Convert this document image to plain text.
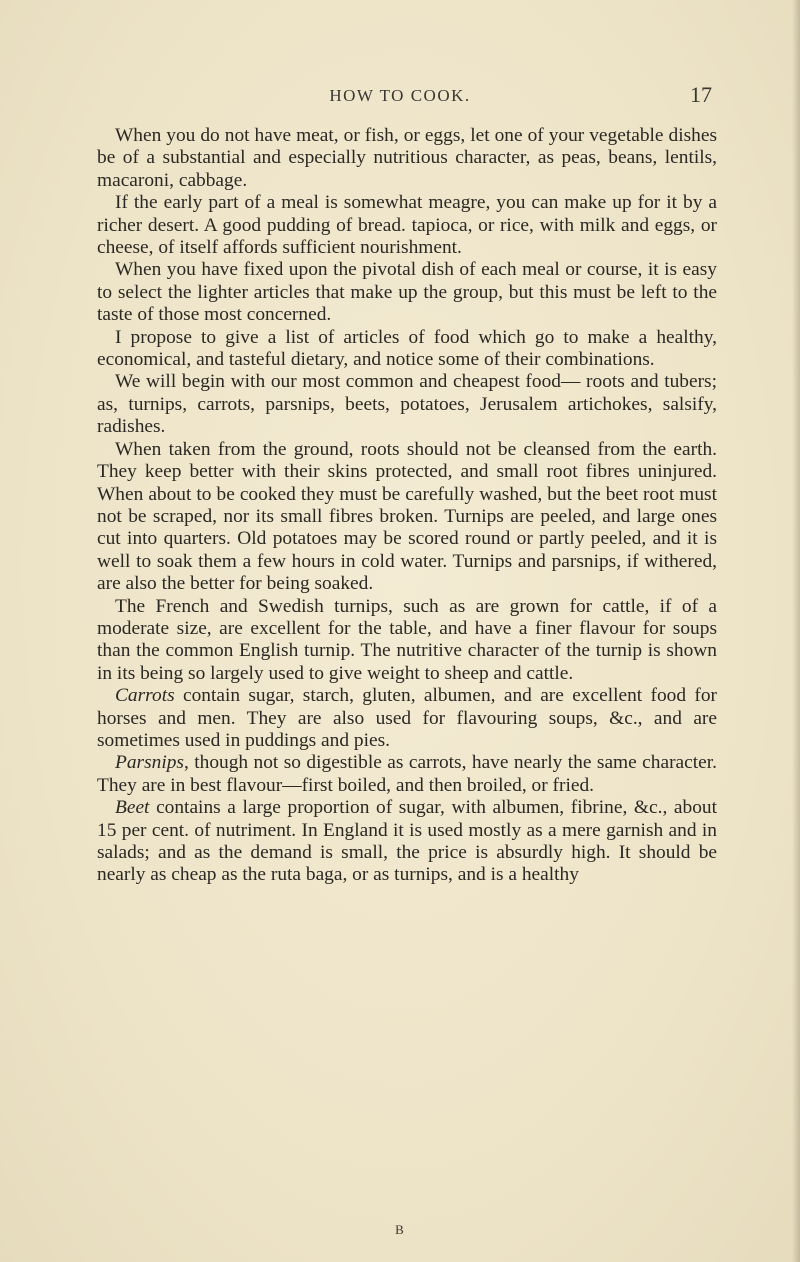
HOW TO COOK.	17

When you do not have meat, or fish, or eggs, let one of your vegetable dishes be of a substantial and especially nutritious character, as peas, beans, lentils, macaroni, cabbage.

If the early part of a meal is somewhat meagre, you can make up for it by a richer desert. A good pudding of bread. tapioca, or rice, with milk and eggs, or cheese, of itself affords sufficient nourishment.

When you have fixed upon the pivotal dish of each meal or course, it is easy to select the lighter articles that make up the group, but this must be left to the taste of those most concerned.

I propose to give a list of articles of food which go to make a healthy, economical, and tasteful dietary, and notice some of their combinations.

We will begin with our most common and cheapest food— roots and tubers; as, turnips, carrots, parsnips, beets, potatoes, Jerusalem artichokes, salsify, radishes.

When taken from the ground, roots should not be cleansed from the earth. They keep better with their skins protected, and small root fibres uninjured. When about to be cooked they must be carefully washed, but the beet root must not be scraped, nor its small fibres broken. Turnips are peeled, and large ones cut into quarters. Old potatoes may be scored round or partly peeled, and it is well to soak them a few hours in cold water. Turnips and parsnips, if withered, are also the better for being soaked.

The French and Swedish turnips, such as are grown for cattle, if of a moderate size, are excellent for the table, and have a finer flavour for soups than the common English turnip. The nutritive character of the turnip is shown in its being so largely used to give weight to sheep and cattle.

Carrots contain sugar, starch, gluten, albumen, and are excellent food for horses and men. They are also used for flavouring soups, &c., and are sometimes used in puddings and pies.

Parsnips, though not so digestible as carrots, have nearly the same character. They are in best flavour—first boiled, and then broiled, or fried.

Beet contains a large proportion of sugar, with albumen, fibrine, &c., about 15 per cent. of nutriment. In England it is used mostly as a mere garnish and in salads; and as the demand is small, the price is absurdly high. It should be nearly as cheap as the ruta baga, or as turnips, and is a healthy

B
